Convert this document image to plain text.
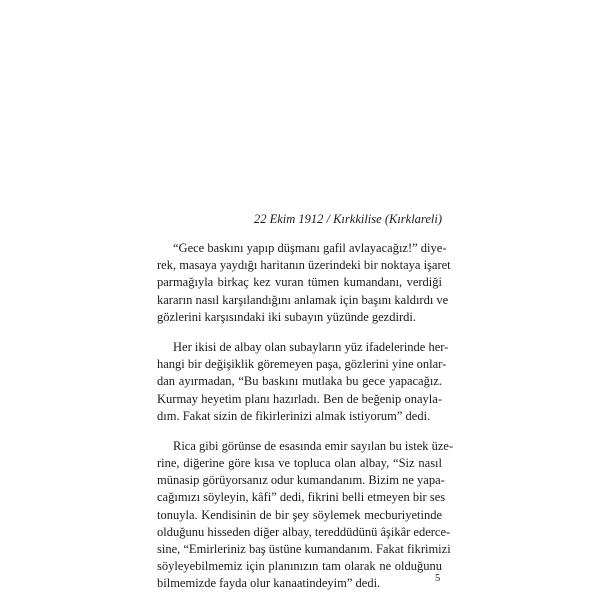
22 Ekim 1912 / Kırkkilise (Kırklareli)

“Gece baskını yapıp düşmanı gafil avlayacağız!” diye-
rek, masaya yaydığı haritanın üzerindeki bir noktaya işaret
parmağıyla birkaç kez vuran tümen kumandanı, verdiği
kararın nasıl karşılandığını anlamak için başını kaldırdı ve
gözlerini karşısındaki iki subayın yüzünde gezdirdi.

Her ikisi de albay olan subayların yüz ifadelerinde her-
hangi bir değişiklik göremeyen paşa, gözlerini yine onlar-
dan ayırmadan, “Bu baskını mutlaka bu gece yapacağız.
Kurmay heyetim planı hazırladı. Ben de beğenip onayla-
dım. Fakat sizin de fikirlerinizi almak istiyorum” dedi.

Rica gibi görünse de esasında emir sayılan bu istek üze-
rine, diğerine göre kısa ve topluca olan albay, “Siz nasıl
münasip görüyorsanız odur kumandanım. Bizim ne yapa-
cağımızı söyleyin, kâfi” dedi, fikrini belli etmeyen bir ses
tonuyla. Kendisinin de bir şey söylemek mecburiyetinde
olduğunu hisseden diğer albay, tereddüdünü âşikâr ederce-
sine, “Emirleriniz baş üstüne kumandanım. Fakat fikrimizi
söyleyebilmemiz için planınızın tam olarak ne olduğunu
bilmemizde fayda olur kanaatindeyim” dedi.	5
